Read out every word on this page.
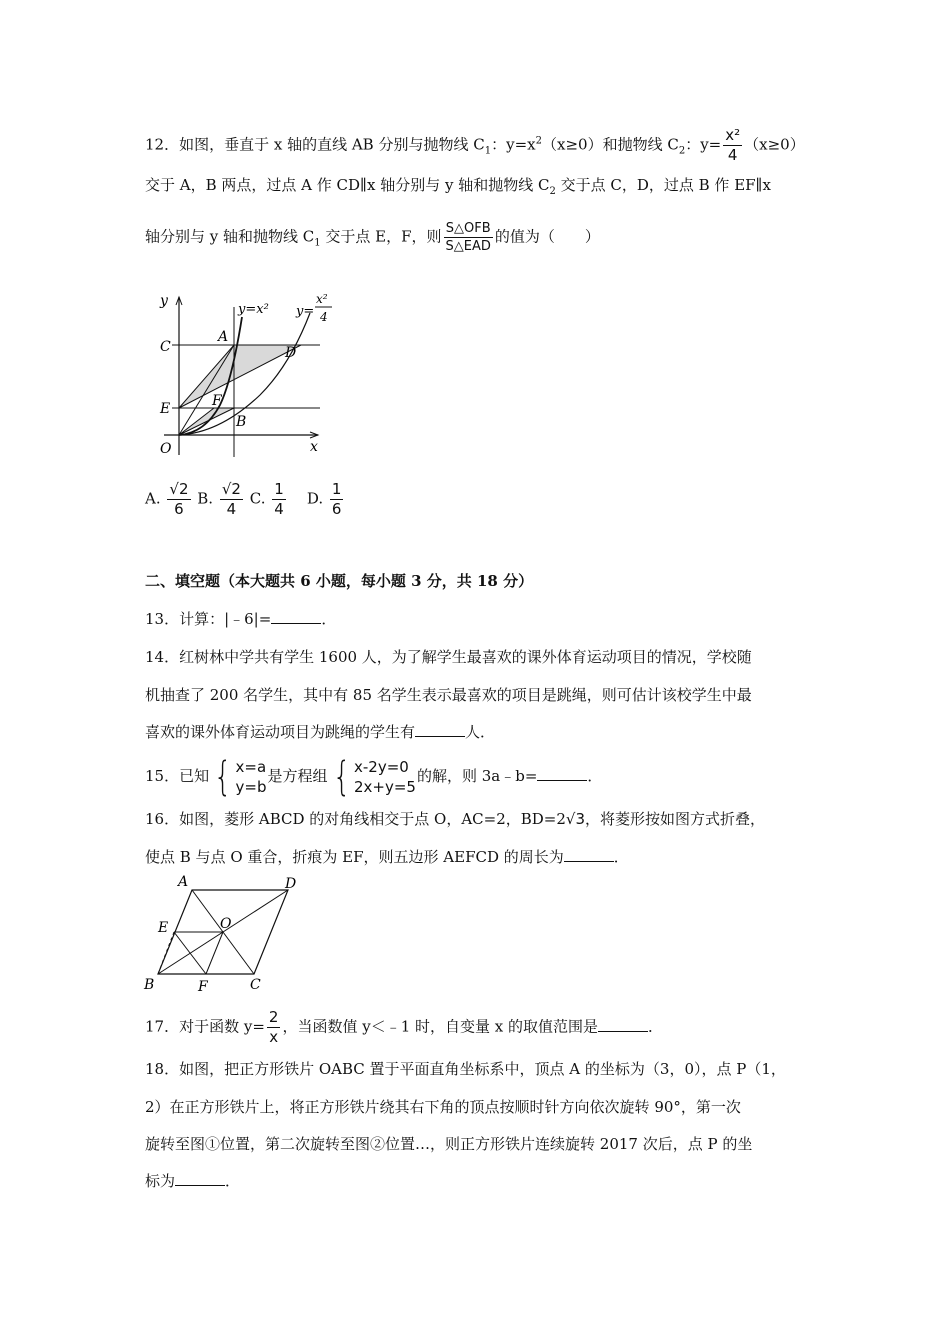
12．如图，垂直于 x 轴的直线 AB 分别与抛物线 $C_1$：$y=x^2(x\ge 0)$和抛物线 $C_2$：$y= \frac{\text{x²}}{4} (x\ge 0)$
交于 A，B 两点，过点 A 作 CD∥x 轴分别与 y 轴和抛物线 $C_2$ 交于点 C，D，过点 B 作 EF∥x
轴分别与 y 轴和抛物线 $C_1$ 交于点 E，F，则 $\frac{\text{S△OFB}}{\text{S△EAD}}$ 的值为（　　）
y
x
O
C
A
D
E	F
B
y=x² y=
x²
4
A. $\frac{√2}{6} B$. $\frac{√2}{4} C$. $\frac{1}{4} D$. $\frac{1}{6}$
二、填空题（本大题共 6 小题，每小题 3 分，共 18 分）
13．计算：|﹣6|=	．
14．红树林中学共有学生 1600 人，为了解学生最喜欢的课外体育运动项目的情况，学校随
机抽查了 200 名学生，其中有 85 名学生表示最喜欢的项目是跳绳，则可估计该校学生中最
喜欢的课外体育运动项目为跳绳的学生有	人．
15．已知 { x=a
y=b
是方程组 { x-2y=0
2x+y=5
的解，则 3a﹣b=	．
16．如图，菱形 ABCD 的对角线相交于点 O，AC=2，BD=2√3，将菱形按如图方式折叠，
使点 B 与点 O 重合，折痕为 EF，则五边形 AEFCD 的周长为	．
A	D
E	O
B	F	C
17．对于函数 $y= \frac{2}{x}$ ，当函数值 y＜﹣1 时，自变量 x 的取值范围是	．
18．如图，把正方形铁片 OABC 置于平面直角坐标系中，顶点 A 的坐标为（3，0），点 P（1，
2）在正方形铁片上，将正方形铁片绕其右下角的顶点按顺时针方向依次旋转 90°，第一次
旋转至图①位置，第二次旋转至图②位置…，则正方形铁片连续旋转 2017 次后，点 P 的坐
标为	．
